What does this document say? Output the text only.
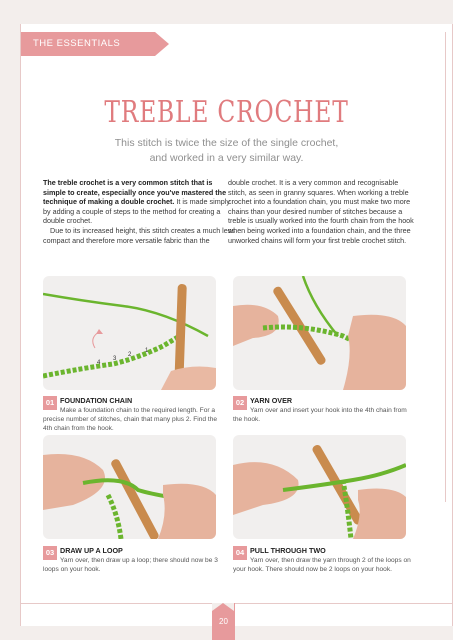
THE ESSENTIALS
TREBLE CROCHET
This stitch is twice the size of the single crochet,
and worked in a very similar way.

The treble crochet is a very common stitch that is simple to create, especially once you've mastered the technique of making a double crochet. It is made simply by adding a couple of steps to the method for creating a double crochet.

Due to its increased height, this stitch creates a much less compact and therefore more versatile fabric than the

double crochet. It is a very common and recognisable stitch, as seen in granny squares. When working a treble crochet into a foundation chain, you must make two more chains than your desired number of stitches because a treble is usually worked into the fourth chain from the hook when being worked into a foundation chain, and the three unworked chains will form your first treble crochet stitch.

1
2
3
4
01 FOUNDATION CHAIN
Make a foundation chain to the required length. For a precise number of stitches, chain that many plus 2. Find the 4th chain from the hook.
02 YARN OVER
Yarn over and insert your hook into the 4th chain from the hook.
03 DRAW UP A LOOP
Yarn over, then draw up a loop; there should now be 3 loops on your hook.
04 PULL THROUGH TWO
Yarn over, then draw the yarn through 2 of the loops on your hook. There should now be 2 loops on your hook.
20
